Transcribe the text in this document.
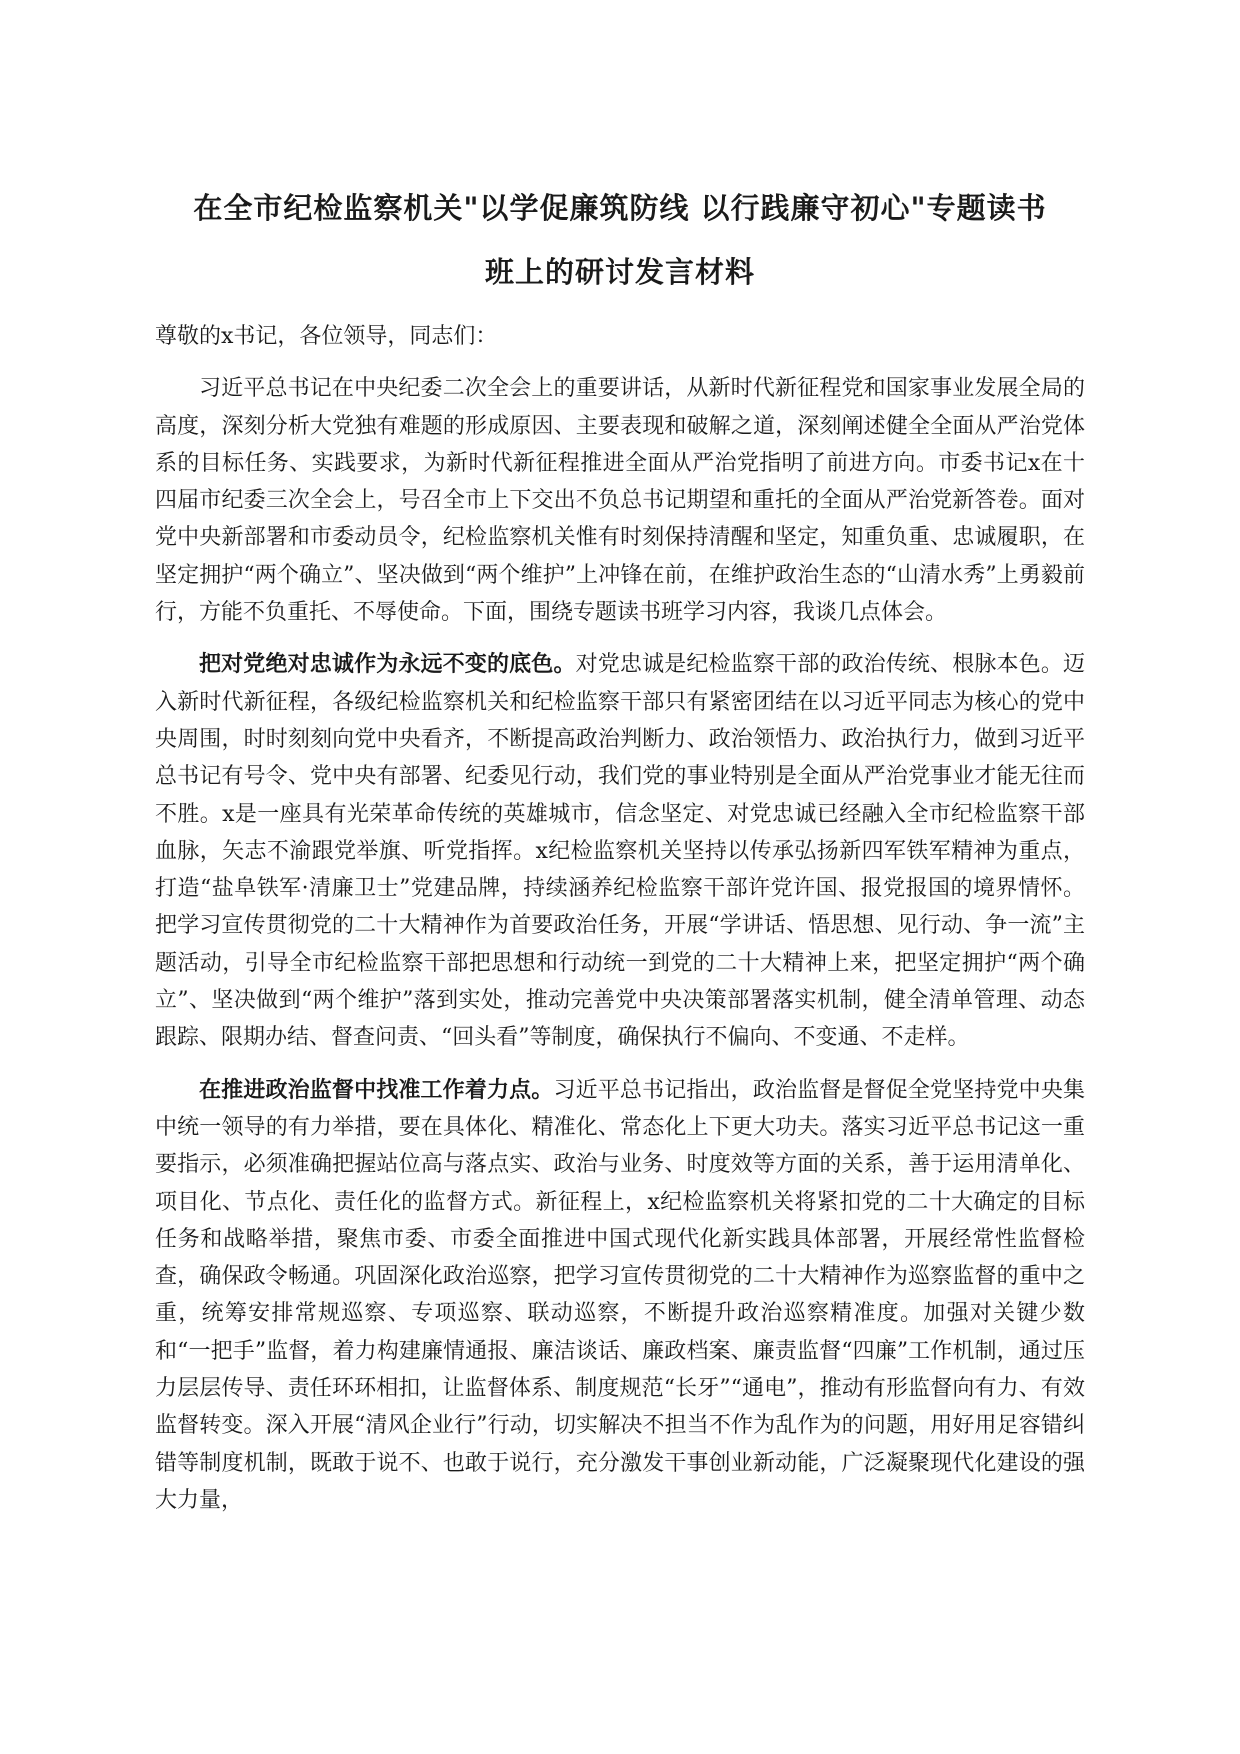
在全市纪检监察机关"以学促廉筑防线 以行践廉守初心"专题读书
班上的研讨发言材料

尊敬的x书记，各位领导，同志们：

习近平总书记在中央纪委二次全会上的重要讲话，从新时代新征程党和国家事业发展全局的高度，深刻分析大党独有难题的形成原因、主要表现和破解之道，深刻阐述健全全面从严治党体系的目标任务、实践要求，为新时代新征程推进全面从严治党指明了前进方向。市委书记x在十四届市纪委三次全会上，号召全市上下交出不负总书记期望和重托的全面从严治党新答卷。面对党中央新部署和市委动员令，纪检监察机关惟有时刻保持清醒和坚定，知重负重、忠诚履职，在坚定拥护“两个确立”、坚决做到“两个维护”上冲锋在前，在维护政治生态的“山清水秀”上勇毅前行，方能不负重托、不辱使命。下面，围绕专题读书班学习内容，我谈几点体会。

把对党绝对忠诚作为永远不变的底色。对党忠诚是纪检监察干部的政治传统、根脉本色。迈入新时代新征程，各级纪检监察机关和纪检监察干部只有紧密团结在以习近平同志为核心的党中央周围，时时刻刻向党中央看齐，不断提高政治判断力、政治领悟力、政治执行力，做到习近平总书记有号令、党中央有部署、纪委见行动，我们党的事业特别是全面从严治党事业才能无往而不胜。x是一座具有光荣革命传统的英雄城市，信念坚定、对党忠诚已经融入全市纪检监察干部血脉，矢志不渝跟党举旗、听党指挥。x纪检监察机关坚持以传承弘扬新四军铁军精神为重点，打造“盐阜铁军·清廉卫士”党建品牌，持续涵养纪检监察干部许党许国、报党报国的境界情怀。把学习宣传贯彻党的二十大精神作为首要政治任务，开展“学讲话、悟思想、见行动、争一流”主题活动，引导全市纪检监察干部把思想和行动统一到党的二十大精神上来，把坚定拥护“两个确立”、坚决做到“两个维护”落到实处，推动完善党中央决策部署落实机制，健全清单管理、动态跟踪、限期办结、督查问责、“回头看”等制度，确保执行不偏向、不变通、不走样。

在推进政治监督中找准工作着力点。习近平总书记指出，政治监督是督促全党坚持党中央集中统一领导的有力举措，要在具体化、精准化、常态化上下更大功夫。落实习近平总书记这一重要指示，必须准确把握站位高与落点实、政治与业务、时度效等方面的关系，善于运用清单化、项目化、节点化、责任化的监督方式。新征程上，x纪检监察机关将紧扣党的二十大确定的目标任务和战略举措，聚焦市委、市委全面推进中国式现代化新实践具体部署，开展经常性监督检查，确保政令畅通。巩固深化政治巡察，把学习宣传贯彻党的二十大精神作为巡察监督的重中之重，统筹安排常规巡察、专项巡察、联动巡察，不断提升政治巡察精准度。加强对关键少数和“一把手”监督，着力构建廉情通报、廉洁谈话、廉政档案、廉责监督“四廉”工作机制，通过压力层层传导、责任环环相扣，让监督体系、制度规范“长牙”“通电”，推动有形监督向有力、有效监督转变。深入开展“清风企业行”行动，切实解决不担当不作为乱作为的问题，用好用足容错纠错等制度机制，既敢于说不、也敢于说行，充分激发干事创业新动能，广泛凝聚现代化建设的强大力量，
